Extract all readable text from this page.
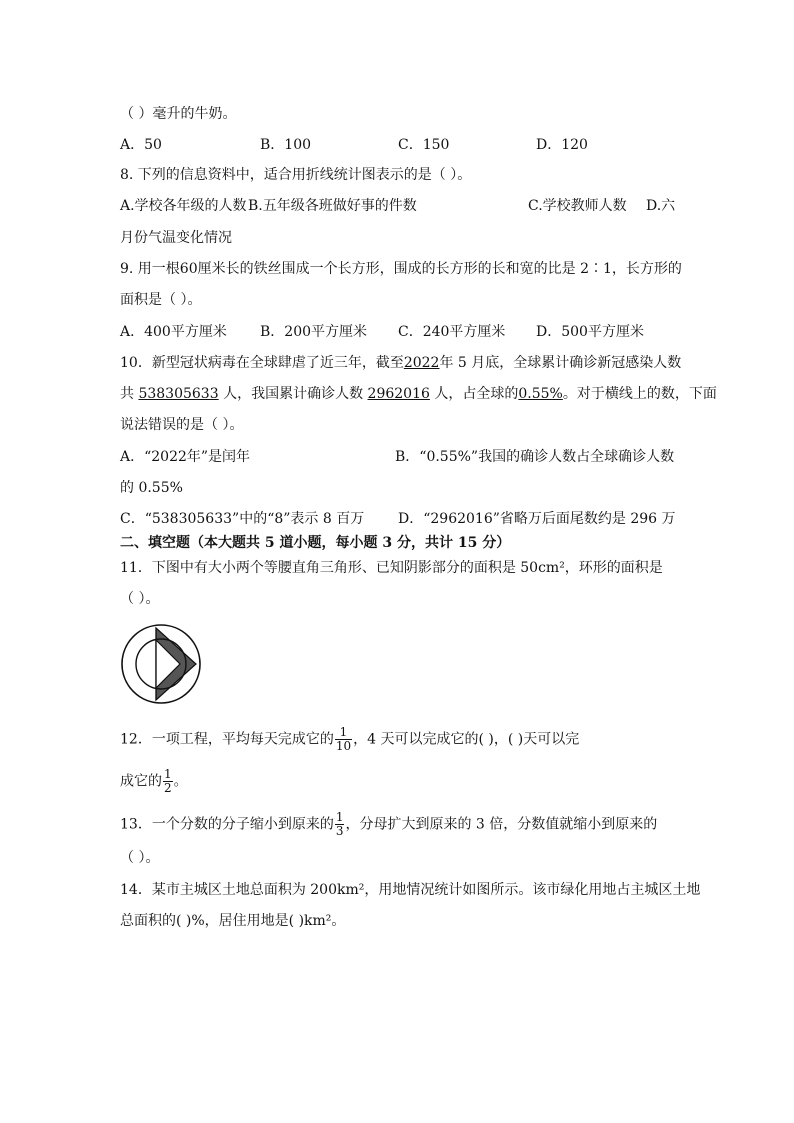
（ ）毫升的牛奶。
A．50	B．100	C．150	D．120
8. 下列的信息资料中，适合用折线统计图表示的是（ ）。
A.学校各年级的人数 B.五年级各班做好事的件数	C.学校教师人数 D.六
月份气温变化情况
9. 用一根60厘米长的铁丝围成一个长方形，围成的长方形的长和宽的比是 2∶1，长方形的
面积是（ ）。
A．400平方厘米 B．200平方厘米 C．240平方厘米 D．500平方厘米
10．新型冠状病毒在全球肆虐了近三年，截至2022年 5 月底，全球累计确诊新冠感染人数
共 538305633 人，我国累计确诊人数 2962016 人，占全球的0.55%。对于横线上的数，下面
说法错误的是（ ）。
A．“2022年”是闰年	B．“0.55%”我国的确诊人数占全球确诊人数
的 0.55%
C．“538305633”中的“8”表示 8 百万 D．“2962016”省略万后面尾数约是 296 万
二、填空题（本大题共 5 道小题，每小题 3 分，共计 15 分）
11．下图中有大小两个等腰直角三角形、已知阴影部分的面积是 50cm²，环形的面积是
（ ）。
12．一项工程，平均每天完成它的 $\frac{1}{10}$ ，4 天可以完成它的( )，( )天可以完
成它的 $\frac{1}{2}$ 。
13．一个分数的分子缩小到原来的 $\frac{1}{3}$ ，分母扩大到原来的 3 倍，分数值就缩小到原来的
（ ）。
14．某市主城区土地总面积为 200km²，用地情况统计如图所示。该市绿化用地占主城区土地
总面积的( )%，居住用地是( )km²。
